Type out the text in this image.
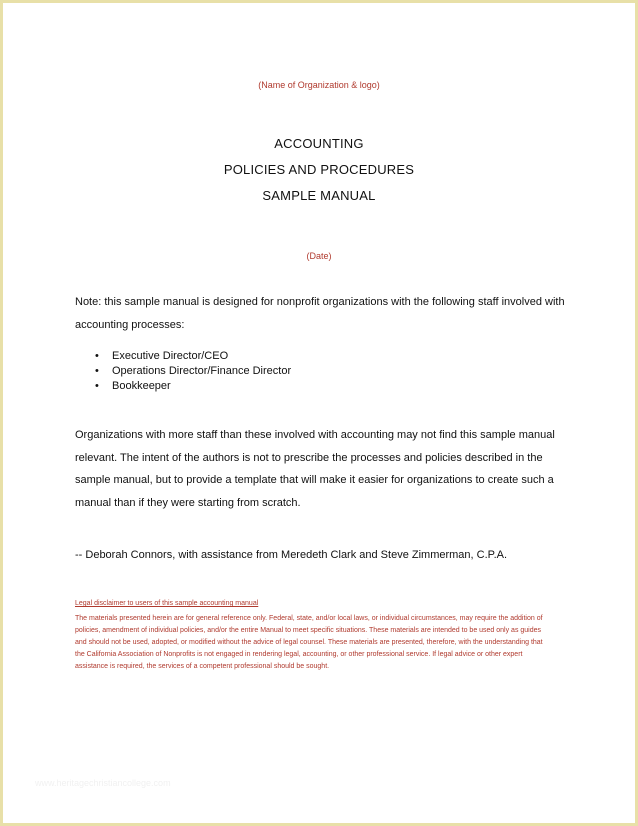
(Name of Organization & logo)
ACCOUNTING
POLICIES AND PROCEDURES
SAMPLE MANUAL
(Date)
Note: this sample manual is designed for nonprofit organizations with the following staff involved with accounting processes:
• Executive Director/CEO
• Operations Director/Finance Director
• Bookkeeper
Organizations with more staff than these involved with accounting may not find this sample manual relevant. The intent of the authors is not to prescribe the processes and policies described in the sample manual, but to provide a template that will make it easier for organizations to create such a manual than if they were starting from scratch.
-- Deborah Connors, with assistance from Meredeth Clark and Steve Zimmerman, C.P.A.
Legal disclaimer to users of this sample accounting manual
The materials presented herein are for general reference only. Federal, state, and/or local laws, or individual circumstances, may require the addition of policies, amendment of individual policies, and/or the entire Manual to meet specific situations. These materials are intended to be used only as guides and should not be used, adopted, or modified without the advice of legal counsel. These materials are presented, therefore, with the understanding that the California Association of Nonprofits is not engaged in rendering legal, accounting, or other professional service. If legal advice or other expert assistance is required, the services of a competent professional should be sought.
www.heritagechristiancollege.com
